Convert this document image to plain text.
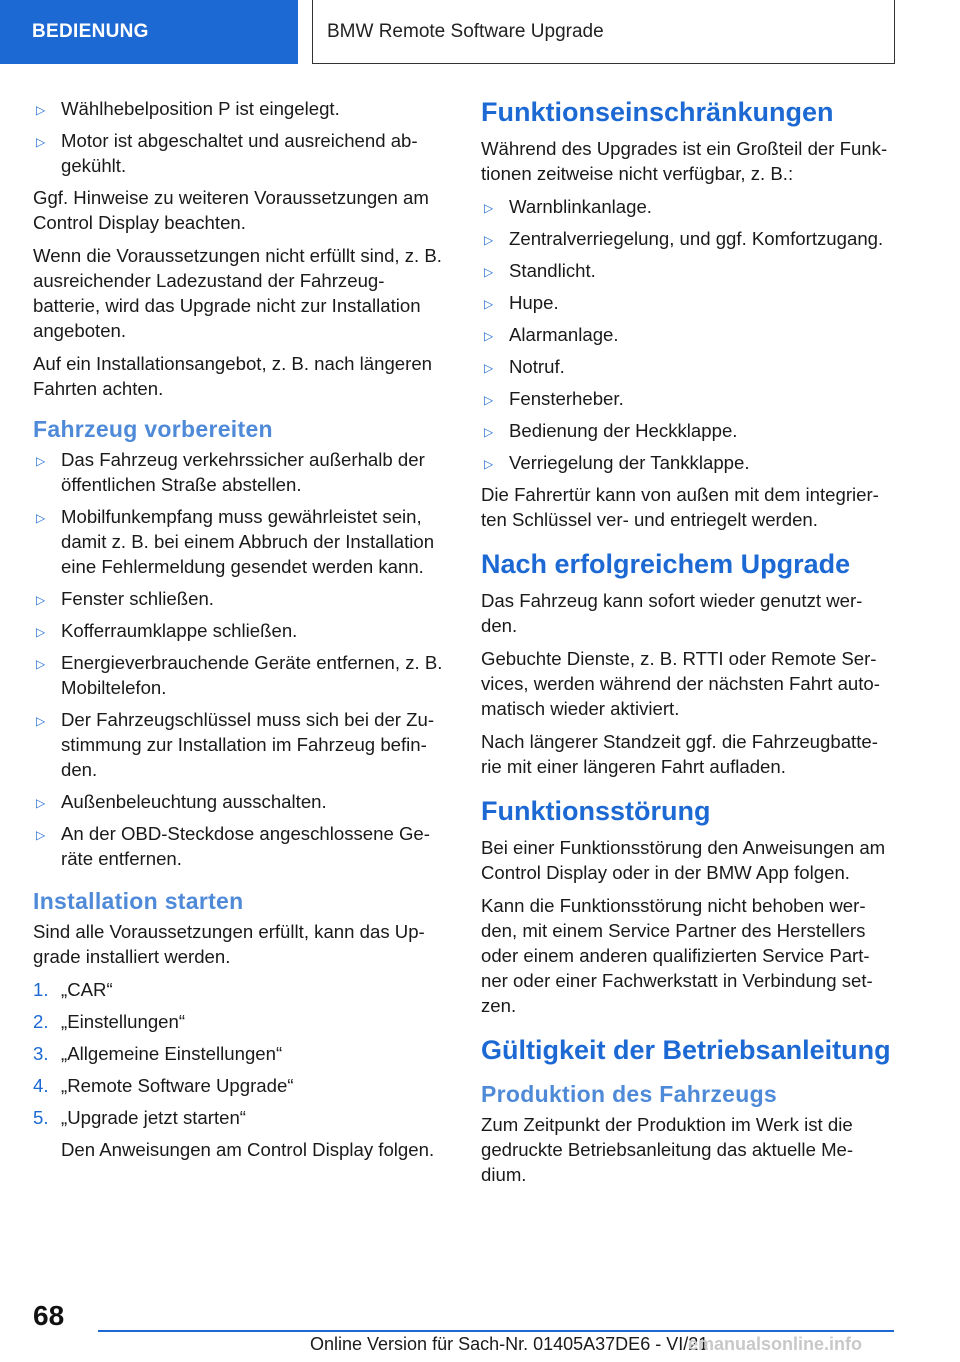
BEDIENUNG	BMW Remote Software Upgrade
▷ Wählhebelposition P ist eingelegt.
▷ Motor ist abgeschaltet und ausreichend ab‐ gekühlt.

Ggf. Hinweise zu weiteren Voraussetzungen am Control Display beachten.

Wenn die Voraussetzungen nicht erfüllt sind, z. B. ausreichender Ladezustand der Fahrzeug‐ batterie, wird das Upgrade nicht zur Installation angeboten.

Auf ein Installationsangebot, z. B. nach längeren Fahrten achten.

Fahrzeug vorbereiten
▷ Das Fahrzeug verkehrssicher außerhalb der öffentlichen Straße abstellen.
▷ Mobilfunkempfang muss gewährleistet sein, damit z. B. bei einem Abbruch der Installation eine Fehlermeldung gesendet werden kann.
▷ Fenster schließen.
▷ Kofferraumklappe schließen.
▷ Energieverbrauchende Geräte entfernen, z. B. Mobiltelefon.
▷ Der Fahrzeugschlüssel muss sich bei der Zu‐ stimmung zur Installation im Fahrzeug befin‐ den.
▷ Außenbeleuchtung ausschalten.
▷ An der OBD-Steckdose angeschlossene Ge‐ räte entfernen.
Installation starten

Sind alle Voraussetzungen erfüllt, kann das Up‐ grade installiert werden.

1. „CAR“
2. „Einstellungen“
3. „Allgemeine Einstellungen“
4. „Remote Software Upgrade“
5. „Upgrade jetzt starten“
Den Anweisungen am Control Display folgen.
Funktionseinschränkungen

Während des Upgrades ist ein Großteil der Funk‐ tionen zeitweise nicht verfügbar, z. B.:

▷ Warnblinkanlage.
▷ Zentralverriegelung, und ggf. Komfortzugang.
▷ Standlicht.
▷ Hupe.
▷ Alarmanlage.
▷ Notruf.
▷ Fensterheber.
▷ Bedienung der Heckklappe.
▷ Verriegelung der Tankklappe.

Die Fahrertür kann von außen mit dem integrier‐ ten Schlüssel ver- und entriegelt werden.

Nach erfolgreichem Upgrade

Das Fahrzeug kann sofort wieder genutzt wer‐ den.

Gebuchte Dienste, z. B. RTTI oder Remote Ser‐ vices, werden während der nächsten Fahrt auto‐ matisch wieder aktiviert.

Nach längerer Standzeit ggf. die Fahrzeugbatte‐ rie mit einer längeren Fahrt aufladen.

Funktionsstörung

Bei einer Funktionsstörung den Anweisungen am Control Display oder in der BMW App folgen.

Kann die Funktionsstörung nicht behoben wer‐ den, mit einem Service Partner des Herstellers oder einem anderen qualifizierten Service Part‐ ner oder einer Fachwerkstatt in Verbindung set‐ zen.

Gültigkeit der Betriebsanleitung
Produktion des Fahrzeugs

Zum Zeitpunkt der Produktion im Werk ist die gedruckte Betriebsanleitung das aktuelle Me‐ dium.

68
Online Version für Sach-Nr. 01405A37DE6 - VI/21
emanualsonline.info
